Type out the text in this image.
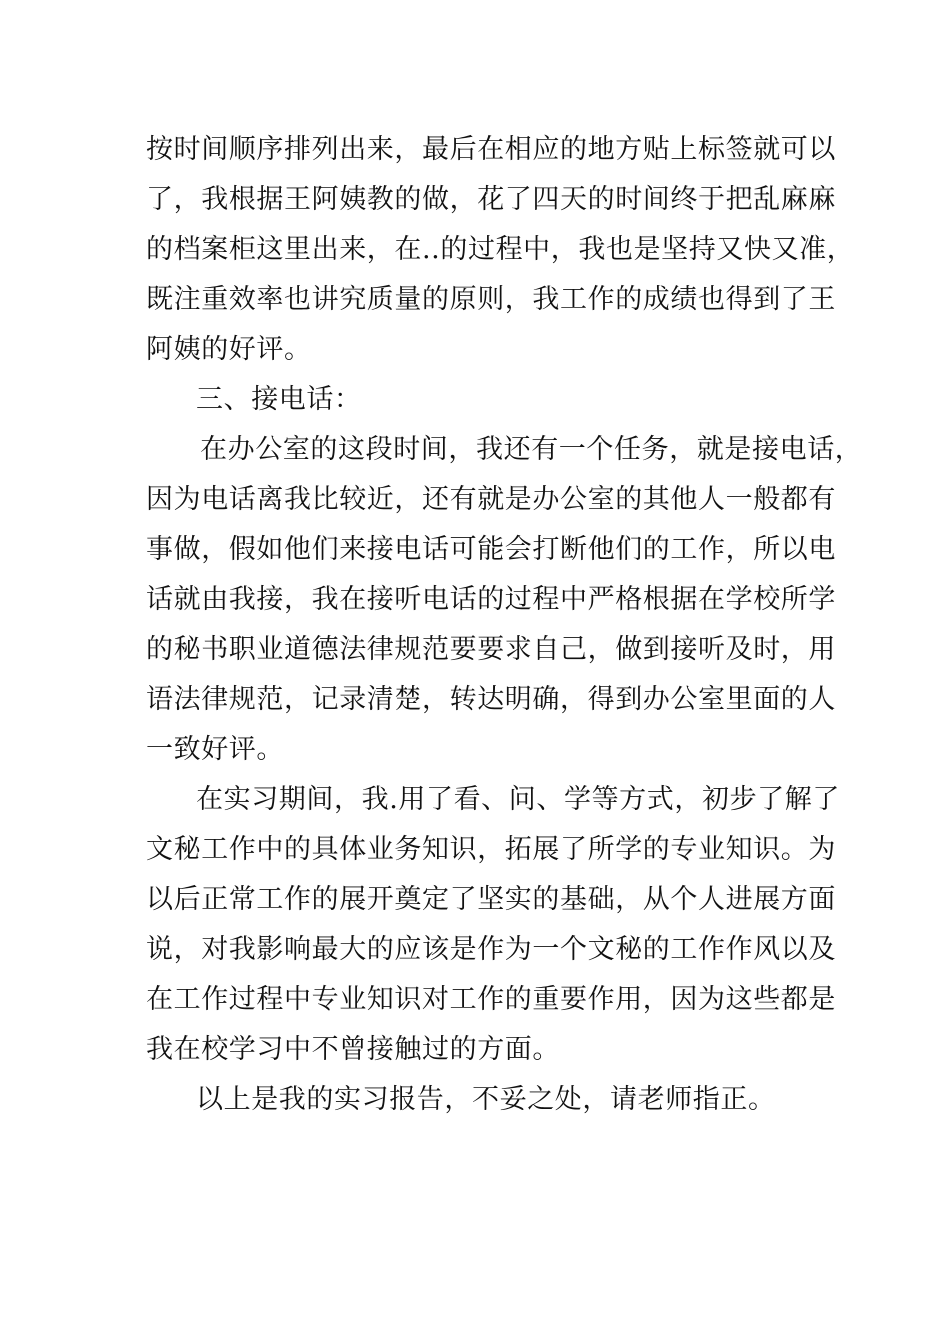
按时间顺序排列出来，最后在相应的地方贴上标签就可以

了，我根据王阿姨教的做，花了四天的时间终于把乱麻麻

的档案柜这里出来，在..的过程中，我也是坚持又快又准，

既注重效率也讲究质量的原则，我工作的成绩也得到了王

阿姨的好评。

三、接电话：

在办公室的这段时间，我还有一个任务，就是接电话，

因为电话离我比较近，还有就是办公室的其他人一般都有

事做，假如他们来接电话可能会打断他们的工作，所以电

话就由我接，我在接听电话的过程中严格根据在学校所学

的秘书职业道德法律规范要要求自己，做到接听及时，用

语法律规范，记录清楚，转达明确，得到办公室里面的人

一致好评。

在实习期间，我.用了看、问、学等方式，初步了解了

文秘工作中的具体业务知识，拓展了所学的专业知识。为

以后正常工作的展开奠定了坚实的基础，从个人进展方面

说，对我影响最大的应该是作为一个文秘的工作作风以及

在工作过程中专业知识对工作的重要作用，因为这些都是

我在校学习中不曾接触过的方面。

以上是我的实习报告，不妥之处，请老师指正。
